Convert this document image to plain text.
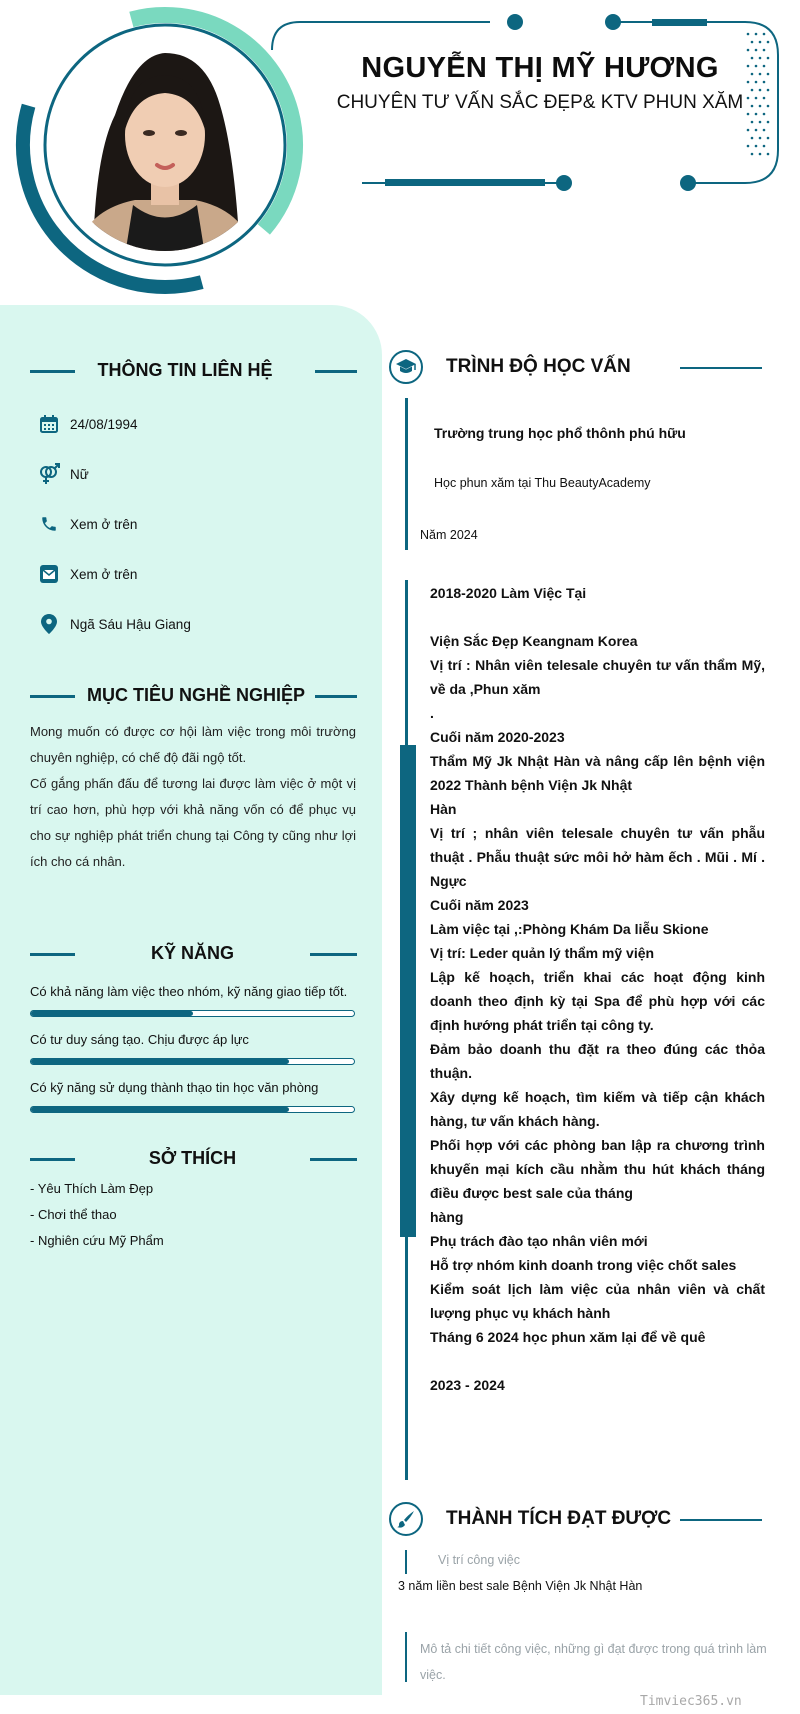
NGUYỄN THỊ MỸ HƯƠNG
CHUYÊN TƯ VẤN SẮC ĐẸP& KTV PHUN XĂM
THÔNG TIN LIÊN HỆ
24/08/1994
Nữ
Xem ở trên
Xem ở trên
Ngã Sáu Hậu Giang
MỤC TIÊU NGHỀ NGHIỆP
Mong muốn có được cơ hội làm việc trong môi trường chuyên nghiệp, có chế độ đãi ngộ tốt.
Cố gắng phấn đấu để tương lai được làm việc ở một vị trí cao hơn, phù hợp với khả năng vốn có để phục vụ cho sự nghiệp phát triển chung tại Công ty cũng như lợi ích cho cá nhân.
KỸ NĂNG
Có khả năng làm việc theo nhóm, kỹ năng giao tiếp tốt.
Có tư duy sáng tạo. Chịu được áp lực
Có kỹ năng sử dụng thành thạo tin học văn phòng
SỞ THÍCH
- Yêu Thích Làm Đẹp
- Chơi thể thao
- Nghiên cứu Mỹ Phẩm
TRÌNH ĐỘ HỌC VẤN
Trường trung học phổ thônh phú hữu
Học phun xăm tại Thu BeautyAcademy
Năm 2024
2018-2020 Làm Việc Tại
Viện Sắc Đẹp Keangnam Korea
Vị trí : Nhân viên telesale chuyên tư vấn thẩm Mỹ, về da ,Phun xăm
.
Cuối năm 2020-2023
Thẩm Mỹ Jk Nhật Hàn và nâng cấp lên bệnh viện 2022 Thành bệnh Viện Jk Nhật
Hàn
Vị trí ; nhân viên telesale chuyên tư vấn phẫu thuật . Phẫu thuật sức môi hở hàm ếch . Mũi . Mí . Ngực
Cuối năm 2023
Làm việc tại ,:Phòng Khám Da liễu Skione
Vị trí: Leder quản lý thẩm mỹ viện
Lập kế hoạch, triển khai các hoạt động kinh doanh theo định kỳ tại Spa để phù hợp với các định hướng phát triển tại công ty.
Đảm bảo doanh thu đặt ra theo đúng các thỏa thuận.
Xây dựng kế hoạch, tìm kiếm và tiếp cận khách hàng, tư vấn khách hàng.
Phối hợp với các phòng ban lập ra chương trình khuyến mại kích cầu nhằm thu hút khách tháng điều được best sale của tháng
hàng
Phụ trách đào tạo nhân viên mới
Hỗ trợ nhóm kinh doanh trong việc chốt sales
Kiểm soát lịch làm việc của nhân viên và chất lượng phục vụ khách hành
Tháng 6 2024 học phun xăm lại để về quê
2023 - 2024
THÀNH TÍCH ĐẠT ĐƯỢC
Vị trí công việc
3 năm liền best sale Bệnh Viện Jk Nhật Hàn
Mô tả chi tiết công việc, những gì đạt được trong quá trình làm việc.
Timviec365.vn
